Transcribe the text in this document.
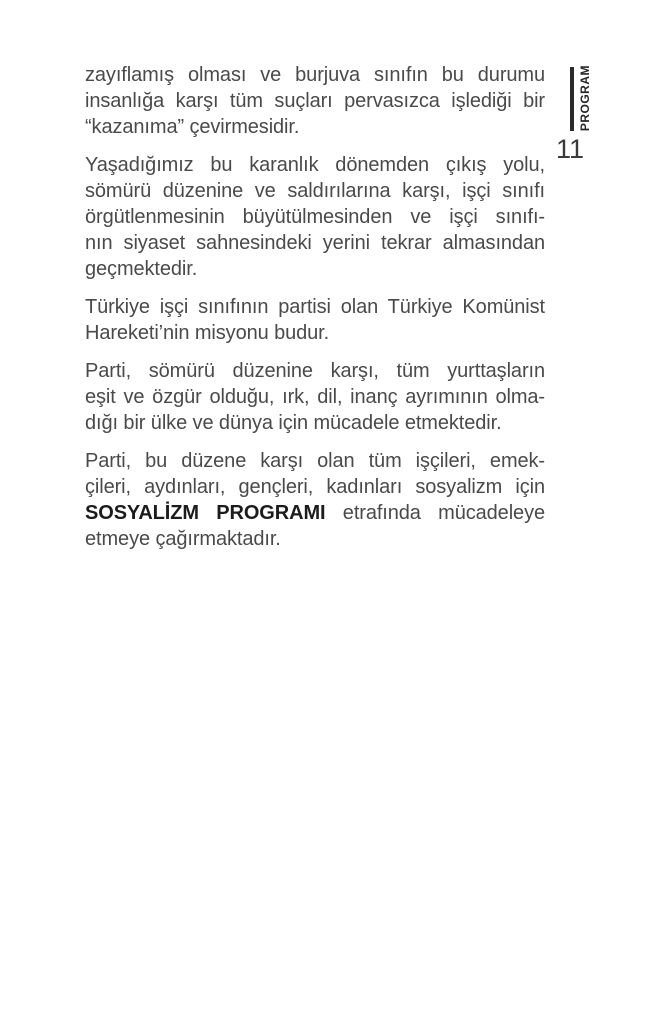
zayıflamış olması ve burjuva sınıfın bu durumu
insanlığa karşı tüm suçları pervasızca işlediği bir
“kazanıma” çevirmesidir.
Yaşadığımız bu karanlık dönemden çıkış yolu,
sömürü düzenine ve saldırılarına karşı, işçi sınıfı
örgütlenmesinin büyütülmesinden ve işçi sınıfı-
nın siyaset sahnesindeki yerini tekrar almasından
geçmektedir.
Türkiye işçi sınıfının partisi olan Türkiye Komünist
Hareketi’nin misyonu budur.
Parti, sömürü düzenine karşı, tüm yurttaşların
eşit ve özgür olduğu, ırk, dil, inanç ayrımının olma-
dığı bir ülke ve dünya için mücadele etmektedir.
Parti, bu düzene karşı olan tüm işçileri, emek-
çileri, aydınları, gençleri, kadınları sosyalizm için
SOSYALİZM PROGRAMI etrafında mücadeleye
etmeye çağırmaktadır.
PROGRAM
11
